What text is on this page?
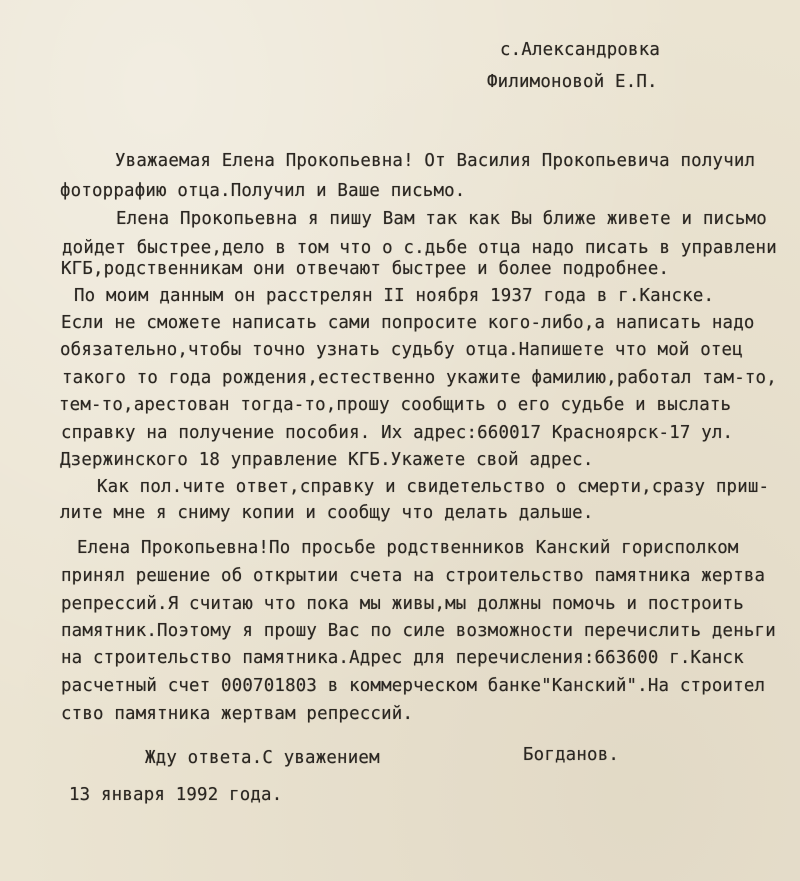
с.Александровка
Филимоновой Е.П.
Уважаемая Елена Прокопьевна! От Василия Прокопьевича получил
фоторрафию отца.Получил и Ваше письмо.
Елена Прокопьевна я пишу Вам так как Вы ближе живете и письмо
дойдет быстрее,дело в том что о с.дьбе отца надо писать в управлени
КГБ,родственникам они отвечают быстрее и более подробнее.
По моим данным он расстрелян II ноября 1937 года в г.Канске.
Если не сможете написать сами попросите кого-либо,а написать надо
обязательно,чтобы точно узнать судьбу отца.Напишете что мой отец
такого то года рождения,естественно укажите фамилию,работал там-то,
тем-то,арестован тогда-то,прошу сообщить о его судьбе и выслать
справку на получение пособия. Их адрес:660017 Красноярск-17 ул.
Дзержинского 18 управление КГБ.Укажете свой адрес.
Как пол.чите ответ,справку и свидетельство о смерти,сразу приш-
лите мне я сниму копии и сообщу что делать дальше.
Елена Прокопьевна!По просьбе родственников Канский горисполком
принял решение об открытии счета на строительство памятника жертва
репрессий.Я считаю что пока мы живы,мы должны помочь и построить
памятник.Поэтому я прошу Вас по силе возможности перечислить деньги
на строительство памятника.Адрес для перечисления:663600 г.Канск
расчетный счет 000701803 в коммерческом банке"Канский".На строител
ство памятника жертвам репрессий.
Жду ответа.С уважением	Богданов.
13 января 1992 года.
